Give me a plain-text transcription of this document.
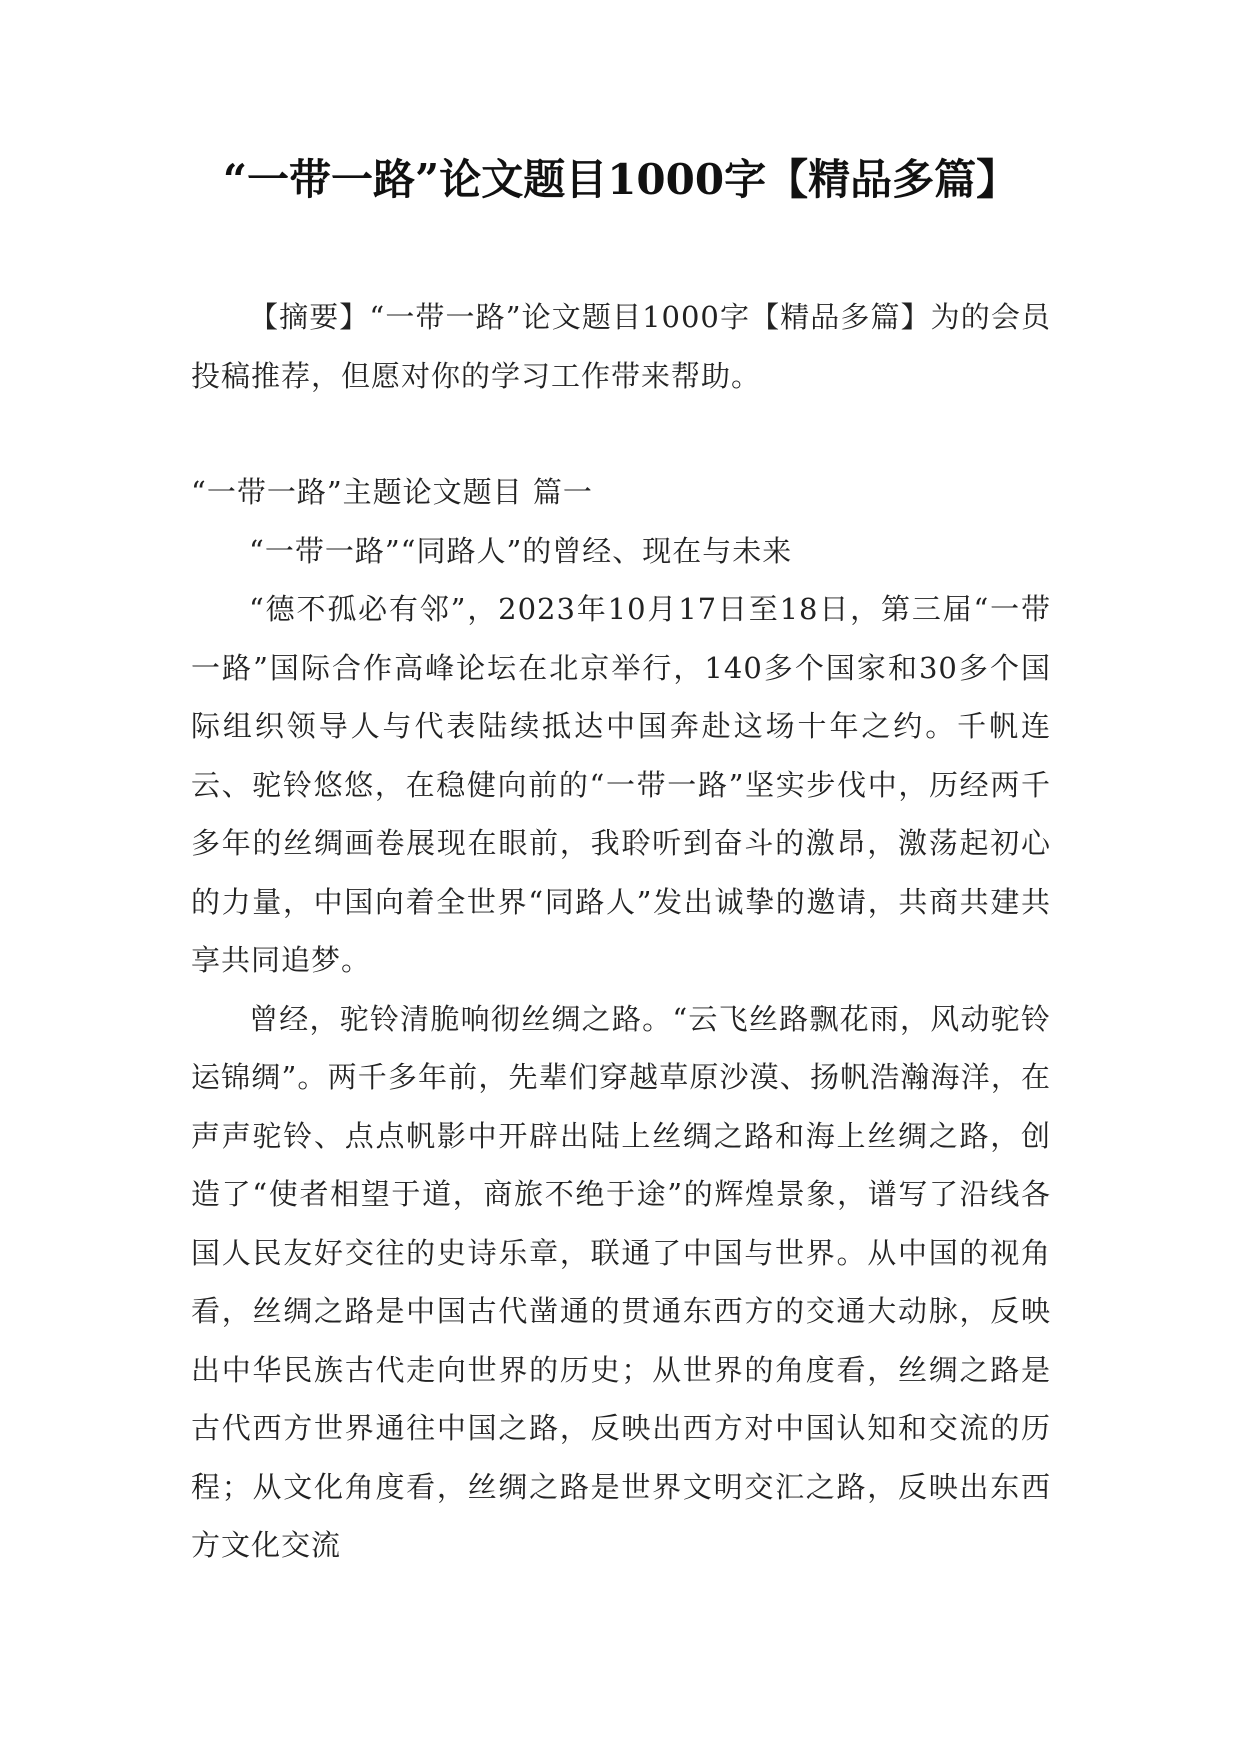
“一带一路”论文题目1000字【精品多篇】

【摘要】“一带一路”论文题目1000字【精品多篇】为的会员投稿推荐，但愿对你的学习工作带来帮助。

“一带一路”主题论文题目 篇一

“一带一路”“同路人”的曾经、现在与未来

“德不孤必有邻”，2023年10月17日至18日，第三届“一带一路”国际合作高峰论坛在北京举行，140多个国家和30多个国际组织领导人与代表陆续抵达中国奔赴这场十年之约。千帆连云、驼铃悠悠，在稳健向前的“一带一路”坚实步伐中，历经两千多年的丝绸画卷展现在眼前，我聆听到奋斗的激昂，激荡起初心的力量，中国向着全世界“同路人”发出诚挚的邀请，共商共建共享共同追梦。

曾经，驼铃清脆响彻丝绸之路。“云飞丝路飘花雨，风动驼铃运锦绸”。两千多年前，先辈们穿越草原沙漠、扬帆浩瀚海洋，在声声驼铃、点点帆影中开辟出陆上丝绸之路和海上丝绸之路，创造了“使者相望于道，商旅不绝于途”的辉煌景象，谱写了沿线各国人民友好交往的史诗乐章，联通了中国与世界。从中国的视角看，丝绸之路是中国古代凿通的贯通东西方的交通大动脉，反映出中华民族古代走向世界的历史；从世界的角度看，丝绸之路是古代西方世界通往中国之路，反映出西方对中国认知和交流的历程；从文化角度看，丝绸之路是世界文明交汇之路，反映出东西方文化交流
